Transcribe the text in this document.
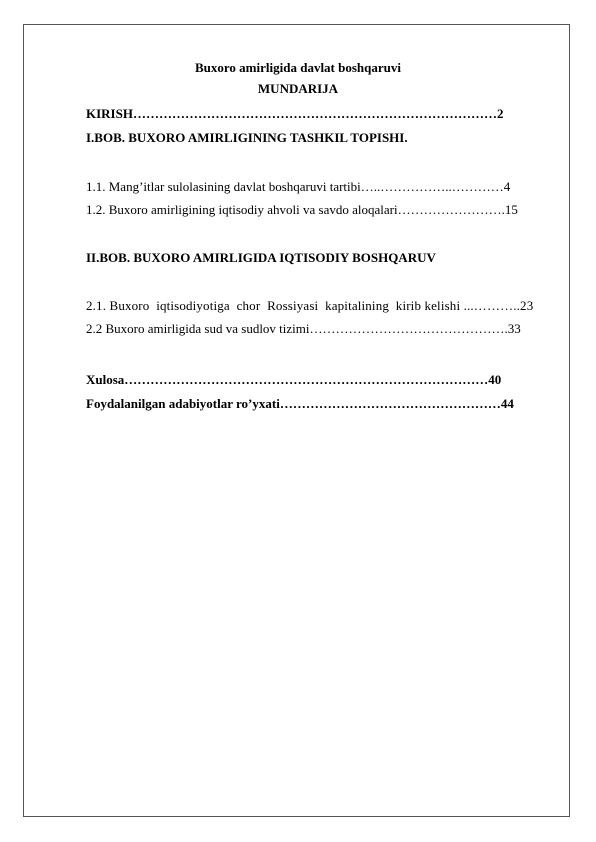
Buxoro amirligida davlat boshqaruvi
MUNDARIJA
KIRISH…………………………………………………………………………2
I.BOB. BUXORO AMIRLIGINING TASHKIL TOPISHI.
1.1. Mang’itlar sulolasining davlat boshqaruvi tartibi…..……………..…………4
1.2. Buxoro amirligining iqtisodiy ahvoli va savdo aloqalari…………………….15
II.BOB. BUXORO AMIRLIGIDA IQTISODIY BOSHQARUV
2.1. Buxoro  iqtisodiyotiga  chor  Rossiyasi  kapitalining  kirib kelishi ...………..23
2.2 Buxoro amirligida sud va sudlov tizimi……………………………………….33
Xulosa…………………………………………………………………………40
Foydalanilgan adabiyotlar ro’yxati……………………………………………44
